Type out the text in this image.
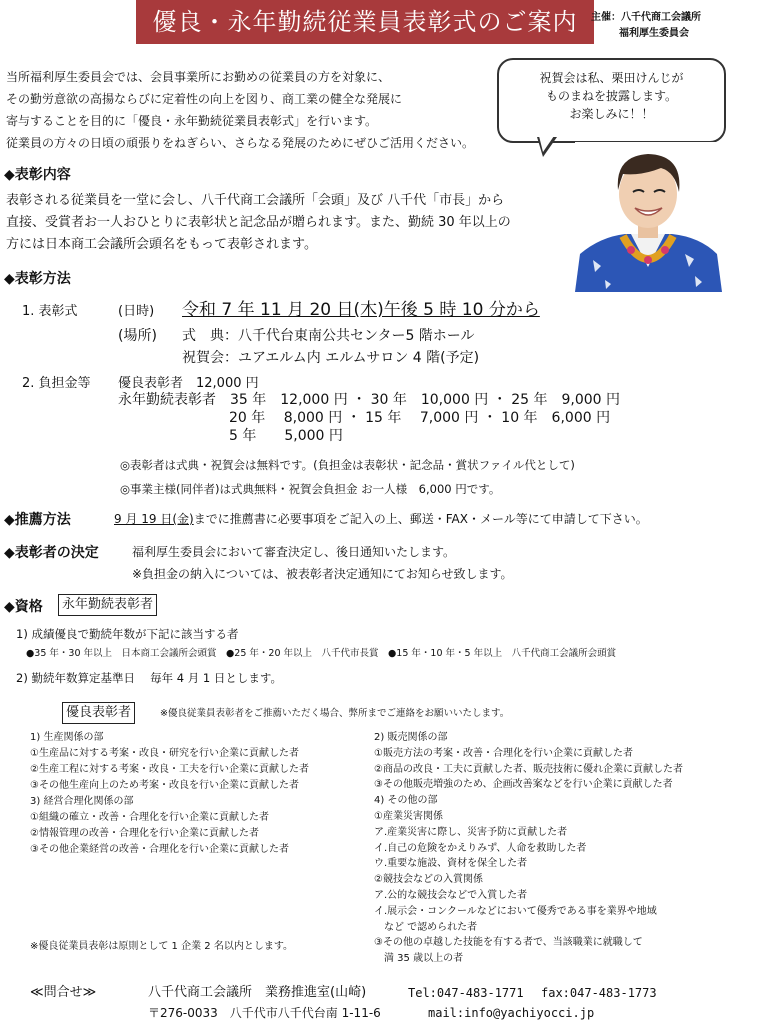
優良・永年勤続従業員表彰式のご案内	主催：八千代商工会議所
福利厚生委員会
当所福利厚生委員会では、会員事業所にお勤めの従業員の方を対象に、
その勤労意欲の高揚ならびに定着性の向上を図り、商工業の健全な発展に
寄与することを目的に「優良・永年勤続従業員表彰式」を行います。
従業員の方々の日頃の頑張りをねぎらい、さらなる発展のためにぜひご活用ください。
祝賀会は私、栗田けんじが
ものまねを披露します。
お楽しみに！！
◆表彰内容
表彰される従業員を一堂に会し、八千代商工会議所「会頭」及び 八千代「市長」から
直接、受賞者お一人おひとりに表彰状と記念品が贈られます。また、勤続 30 年以上の
方には日本商工会議所会頭名をもって表彰されます。
◆表彰方法
1. 表彰式	(日時) 令和 7 年 11 月 20 日(木)午後 5 時 10 分から
(場所) 式　典：八千代台東南公共センター5 階ホール
祝賀会：ユアエルム内 エルムサロン 4 階(予定)
2. 負担金等 優良表彰者　12,000 円
永年勤続表彰者　35 年　12,000 円 ・ 30 年　10,000 円 ・ 25 年　9,000 円
20 年　 8,000 円 ・ 15 年　 7,000 円 ・ 10 年　6,000 円
5 年　　5,000 円
◎表彰者は式典・祝賀会は無料です。(負担金は表彰状・記念品・賞状ファイル代として)
◎事業主様(同伴者)は式典無料・祝賀会負担金 お一人様　6,000 円です。
◆推薦方法	9 月 19 日(金)までに推薦書に必要事項をご記入の上、郵送・FAX・メール等にて申請して下さい。
◆表彰者の決定	福利厚生委員会において審査決定し、後日通知いたします。
※負担金の納入については、被表彰者決定通知にてお知らせ致します。
◆資格	永年勤続表彰者
1) 成績優良で勤続年数が下記に該当する者
●35 年・30 年以上　日本商工会議所会頭賞　●25 年・20 年以上　八千代市長賞　●15 年・10 年・5 年以上　八千代商工会議所会頭賞
2) 勤続年数算定基準日　 毎年 4 月 1 日とします。
優良表彰者	※優良従業員表彰者をご推薦いただく場合、弊所までご連絡をお願いいたします。
1) 生産関係の部
①生産品に対する考案・改良・研究を行い企業に貢献した者
②生産工程に対する考案・改良・工夫を行い企業に貢献した者
③その他生産向上のため考案・改良を行い企業に貢献した者
3) 経営合理化関係の部
①組織の確立・改善・合理化を行い企業に貢献した者
②情報管理の改善・合理化を行い企業に貢献した者
③その他企業経営の改善・合理化を行い企業に貢献した者
※優良従業員表彰は原則として 1 企業 2 名以内とします。
2) 販売関係の部
①販売方法の考案・改善・合理化を行い企業に貢献した者
②商品の改良・工夫に貢献した者、販売技術に優れ企業に貢献した者
③その他販売増強のため、企画改善案などを行い企業に貢献した者
4) その他の部
①産業災害関係
ア.産業災害に際し、災害予防に貢献した者
イ.自己の危険をかえりみず、人命を救助した者
ウ.重要な施設、資材を保全した者
②競技会などの入賞関係
ア.公的な競技会などで入賞した者
イ.展示会・コンクールなどにおいて優秀である事を業界や地域
　など で認められた者
③その他の卓越した技能を有する者で、当該職業に就職して
　満 35 歳以上の者
≪問合せ≫	八千代商工会議所　業務推進室(山崎)	Tel:047-483-1771 fax:047-483-1773
〒276-0033　八千代市八千代台南 1-11-6	mail:info@yachiyocci.jp
